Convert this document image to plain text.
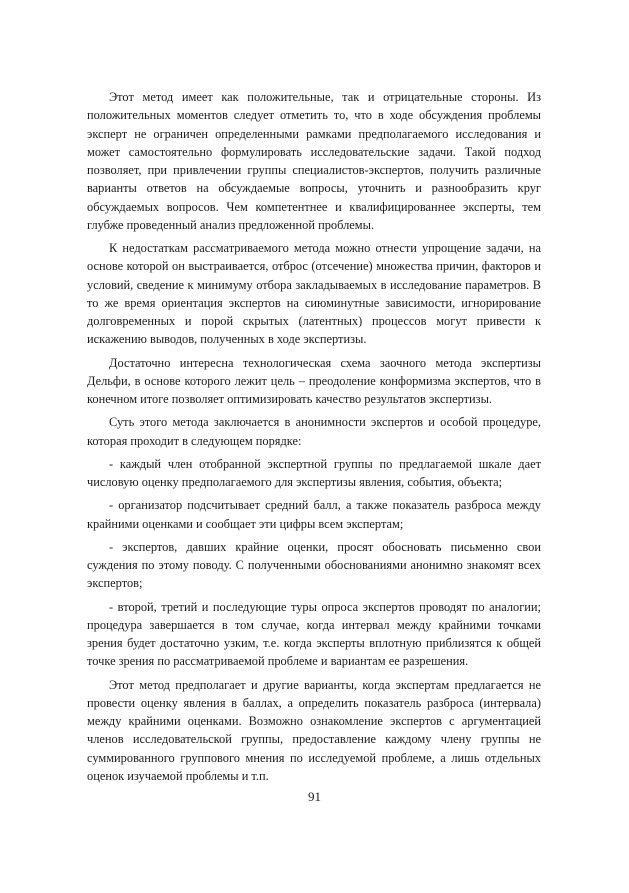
Этот метод имеет как положительные, так и отрицательные стороны. Из положительных моментов следует отметить то, что в ходе обсуждения проблемы эксперт не ограничен определенными рамками предполагаемого исследования и может самостоятельно формулировать исследовательские задачи. Такой подход позволяет, при привлечении группы специалистов-экспертов, получить различные варианты ответов на обсуждаемые вопросы, уточнить и разнообразить круг обсуждаемых вопросов. Чем компетентнее и квалифицированнее эксперты, тем глубже проведенный анализ предложенной проблемы.

К недостаткам рассматриваемого метода можно отнести упрощение задачи, на основе которой он выстраивается, отброс (отсечение) множества причин, факторов и условий, сведение к минимуму отбора закладываемых в исследование параметров. В то же время ориентация экспертов на сиюминутные зависимости, игнорирование долговременных и порой скрытых (латентных) процессов могут привести к искажению выводов, полученных в ходе экспертизы.

Достаточно интересна технологическая схема заочного метода экспертизы Дельфи, в основе которого лежит цель – преодоление конформизма экспертов, что в конечном итоге позволяет оптимизировать качество результатов экспертизы.

Суть этого метода заключается в анонимности экспертов и особой процедуре, которая проходит в следующем порядке:

- каждый член отобранной экспертной группы по предлагаемой шкале дает числовую оценку предполагаемого для экспертизы явления, события, объекта;

- организатор подсчитывает средний балл, а также показатель разброса между крайними оценками и сообщает эти цифры всем экспертам;

- экспертов, давших крайние оценки, просят обосновать письменно свои суждения по этому поводу. С полученными обоснованиями анонимно знакомят всех экспертов;

- второй, третий и последующие туры опроса экспертов проводят по аналогии; процедура завершается в том случае, когда интервал между крайними точками зрения будет достаточно узким, т.е. когда эксперты вплотную приблизятся к общей точке зрения по рассматриваемой проблеме и вариантам ее разрешения.

Этот метод предполагает и другие варианты, когда экспертам предлагается не провести оценку явления в баллах, а определить показатель разброса (интервала) между крайними оценками. Возможно ознакомление экспертов с аргументацией членов исследовательской группы, предоставление каждому члену группы не суммированного группового мнения по исследуемой проблеме, а лишь отдельных оценок изучаемой проблемы и т.п.

91
